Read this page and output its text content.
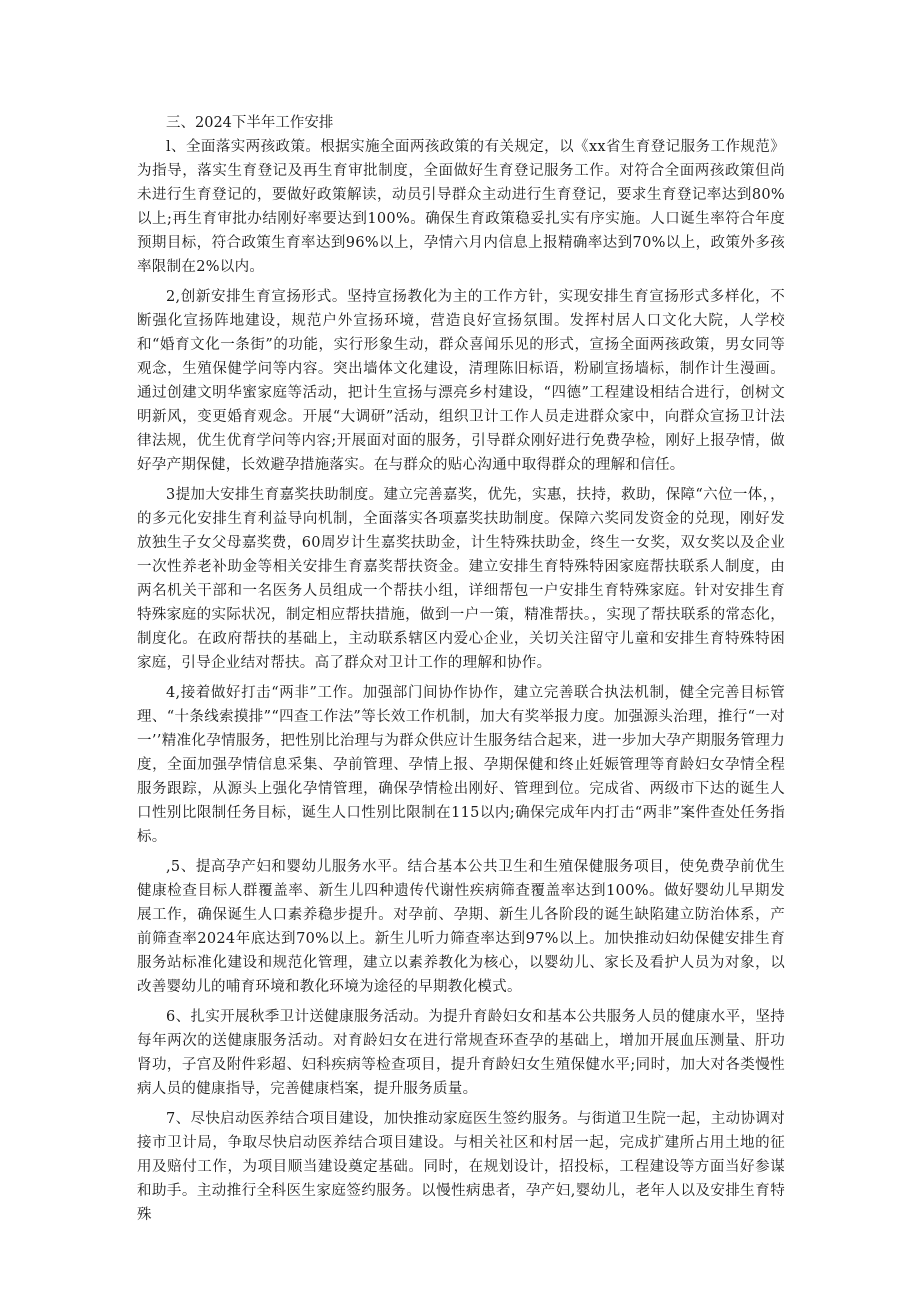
三、2024下半年工作安排

l、全面落实两孩政策。根据实施全面两孩政策的有关规定，以《xx省生育登记服务工作规范》为指导，落实生育登记及再生育审批制度，全面做好生育登记服务工作。对符合全面两孩政策但尚未进行生育登记的，要做好政策解读，动员引导群众主动进行生育登记，要求生育登记率达到80%以上;再生育审批办结刚好率要达到100%。确保生育政策稳妥扎实有序实施。人口诞生率符合年度预期目标，符合政策生育率达到96%以上，孕情六月内信息上报精确率达到70%以上，政策外多孩率限制在2%以内。

2,创新安排生育宣扬形式。坚持宣扬教化为主的工作方针，实现安排生育宣扬形式多样化，不断强化宣扬阵地建设，规范户外宣扬环境，营造良好宣扬氛围。发挥村居人口文化大院，人学校和“婚育文化一条街”的功能，实行形象生动，群众喜闻乐见的形式，宣扬全面两孩政策，男女同等观念，生殖保健学问等内容。突出墙体文化建设，清理陈旧标语，粉刷宣扬墙标，制作计生漫画。通过创建文明华蜜家庭等活动，把计生宣扬与漂亮乡村建设，“四德”工程建设相结合进行，创树文明新风，变更婚育观念。开展“大调研”活动，组织卫计工作人员走进群众家中，向群众宣扬卫计法律法规，优生优育学问等内容;开展面对面的服务，引导群众刚好进行免费孕检，刚好上报孕情，做好孕产期保健，长效避孕措施落实。在与群众的贴心沟通中取得群众的理解和信任。

3提加大安排生育嘉奖扶助制度。建立完善嘉奖，优先，实惠，扶持，救助，保障“六位一体，，的多元化安排生育利益导向机制，全面落实各项嘉奖扶助制度。保障六奖同发资金的兑现，刚好发放独生子女父母嘉奖费，60周岁计生嘉奖扶助金，计生特殊扶助金，终生一女奖，双女奖以及企业一次性养老补助金等相关安排生育嘉奖帮扶资金。建立安排生育特殊特困家庭帮扶联系人制度，由两名机关干部和一名医务人员组成一个帮扶小组，详细帮包一户安排生育特殊家庭。针对安排生育特殊家庭的实际状况，制定相应帮扶措施，做到一户一策，精准帮扶。，实现了帮扶联系的常态化，制度化。在政府帮扶的基础上，主动联系辖区内爱心企业，关切关注留守儿童和安排生育特殊特困家庭，引导企业结对帮扶。高了群众对卫计工作的理解和协作。

4,接着做好打击“两非”工作。加强部门间协作协作，建立完善联合执法机制，健全完善目标管理、“十条线索摸排”“四查工作法”等长效工作机制，加大有奖举报力度。加强源头治理，推行“一对一’’精准化孕情服务，把性别比治理与为群众供应计生服务结合起来，进一步加大孕产期服务管理力度，全面加强孕情信息采集、孕前管理、孕情上报、孕期保健和终止妊娠管理等育龄妇女孕情全程服务跟踪，从源头上强化孕情管理，确保孕情检出刚好、管理到位。完成省、两级市下达的诞生人口性别比限制任务目标，诞生人口性别比限制在115以内;确保完成年内打击“两非”案件查处任务指标。

,5、提高孕产妇和婴幼儿服务水平。结合基本公共卫生和生殖保健服务项目，使免费孕前优生健康检查目标人群覆盖率、新生儿四种遗传代谢性疾病筛査覆盖率达到100%。做好婴幼儿早期发展工作，确保诞生人口素养稳步提升。对孕前、孕期、新生儿各阶段的诞生缺陷建立防治体系，产前筛查率2024年底达到70%以上。新生儿听力筛查率达到97%以上。加快推动妇幼保健安排生育服务站标准化建设和规范化管理，建立以素养教化为核心，以婴幼儿、家长及看护人员为对象，以改善婴幼儿的哺育环境和教化环境为途径的早期教化模式。

6、扎实开展秋季卫计送健康服务活动。为提升育龄妇女和基本公共服务人员的健康水平，坚持每年两次的送健康服务活动。对育龄妇女在进行常规查环查孕的基础上，增加开展血压测量、肝功肾功，子宫及附件彩超、妇科疾病等检查项目，提升育龄妇女生殖保健水平;同时，加大对各类慢性病人员的健康指导，完善健康档案，提升服务质量。

7、尽快启动医养结合项目建设，加快推动家庭医生签约服务。与街道卫生院一起，主动协调对接市卫计局，争取尽快启动医养结合项目建设。与相关社区和村居一起，完成扩建所占用土地的征用及赔付工作，为项目顺当建设奠定基础。同时，在规划设计，招投标，工程建设等方面当好参谋和助手。主动推行全科医生家庭签约服务。以慢性病患者，孕产妇,婴幼儿，老年人以及安排生育特殊
